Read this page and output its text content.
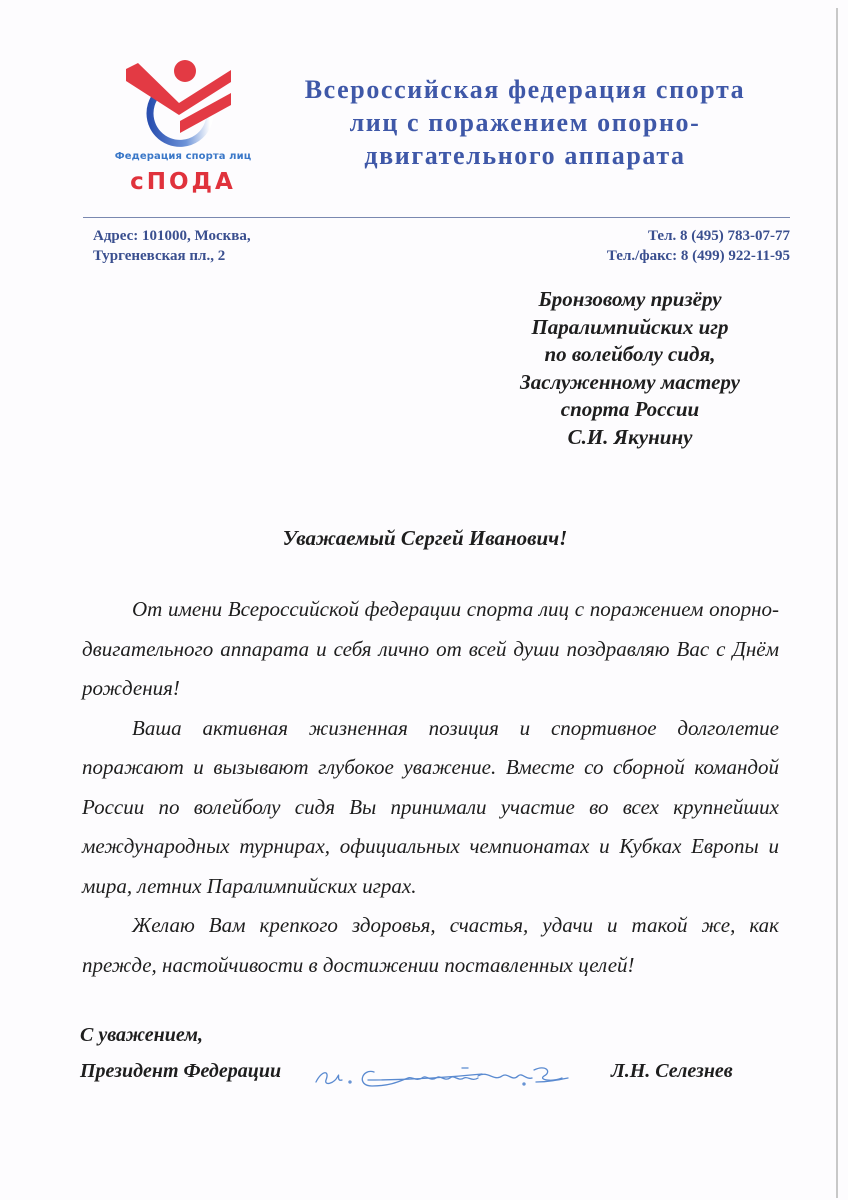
Федерация спорта лиц
сПОДА
Всероссийская федерация спорта
лиц с поражением опорно-
двигательного аппарата
Адрес: 101000, Москва,
Тургеневская пл., 2
Тел. 8 (495) 783-07-77
Тел./факс: 8 (499) 922-11-95
Бронзовому призёру
Паралимпийских игр
по волейболу сидя,
Заслуженному мастеру
спорта России
С.И. Якунину
Уважаемый Сергей Иванович!

От имени Всероссийской федерации спорта лиц с поражением опорно-двигательного аппарата и себя лично от всей души поздравляю Вас с Днём рождения!

Ваша активная жизненная позиция и спортивное долголетие поражают и вызывают глубокое уважение. Вместе со сборной командой России по волейболу сидя Вы принимали участие во всех крупнейших международных турнирах, официальных чемпионатах и Кубках Европы и мира, летних Паралимпийских играх.

Желаю Вам крепкого здоровья, счастья, удачи и такой же, как прежде, настойчивости в достижении поставленных целей!

С уважением,
Президент Федерации	Л.Н. Селезнев
